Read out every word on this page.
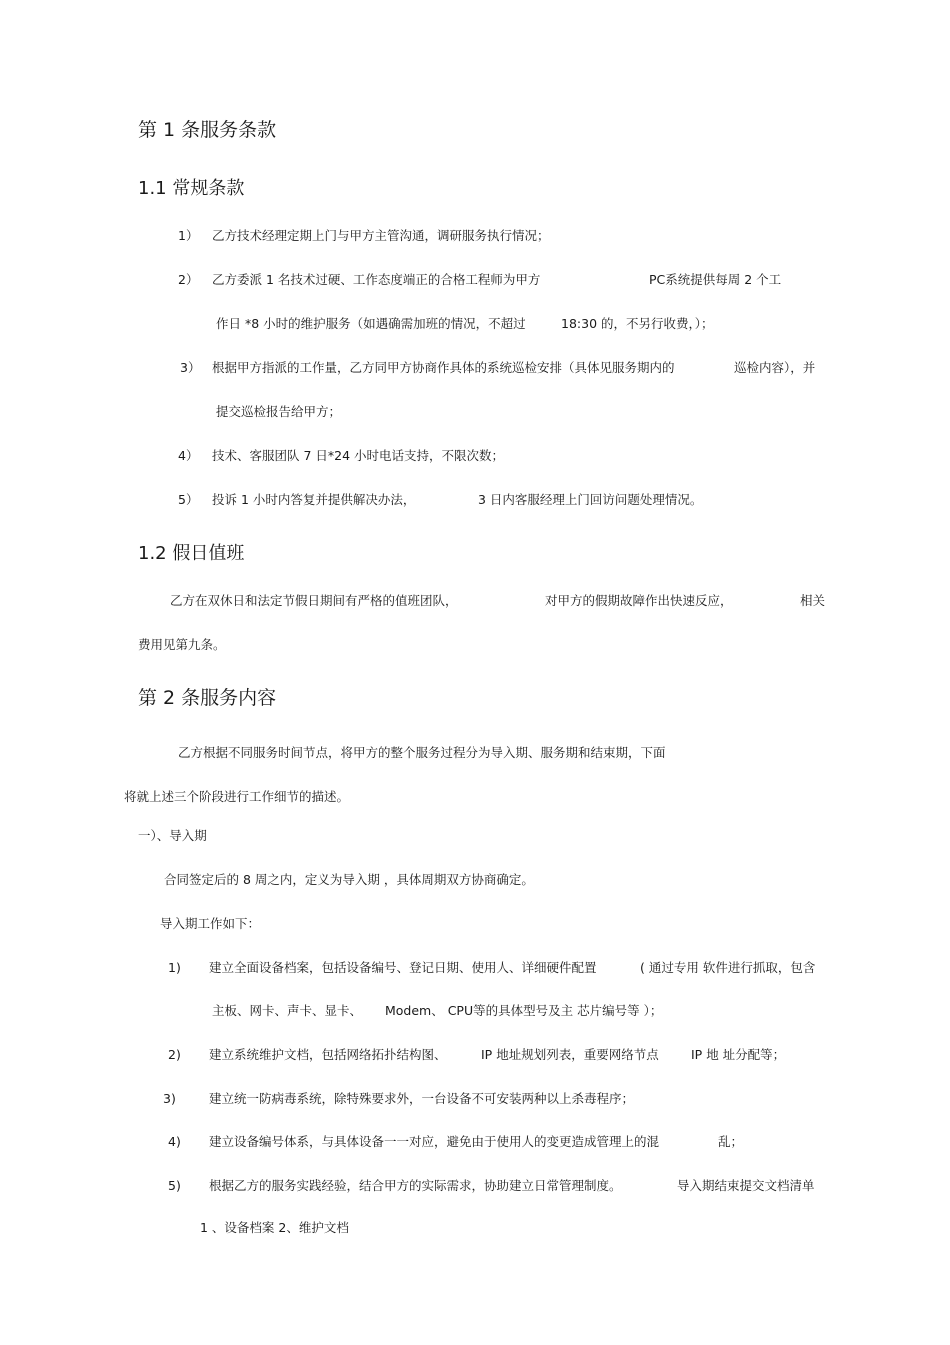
第 1 条服务条款
1.1 常规条款
1） 乙方技术经理定期上门与甲方主管沟通，调研服务执行情况；
2） 乙方委派 1 名技术过硬、工作态度端正的合格工程师为甲方	PC系统提供每周 2 个工
作日 *8 小时的维护服务（如遇确需加班的情况，不超过	18:30 的，不另行收费，）；
3） 根据甲方指派的工作量，乙方同甲方协商作具体的系统巡检安排（具体见服务期内的	巡检内容），并
提交巡检报告给甲方；
4） 技术、客服团队 7 日*24 小时电话支持，不限次数；
5） 投诉 1 小时内答复并提供解决办法，	3 日内客服经理上门回访问题处理情况。
1.2 假日值班
乙方在双休日和法定节假日期间有严格的值班团队，	对甲方的假期故障作出快速反应，	相关
费用见第九条。
第 2 条服务内容
乙方根据不同服务时间节点，将甲方的整个服务过程分为导入期、服务期和结束期，下面
将就上述三个阶段进行工作细节的描述。
一）、导入期
合同签定后的 8 周之内，定义为导入期 ，具体周期双方协商确定。
导入期工作如下：
1) 建立全面设备档案，包括设备编号、登记日期、使用人、详细硬件配置	( 通过专用 软件进行抓取，包含
主板、网卡、声卡、显卡、 Modem、 CPU等的具体型号及主 芯片编号等 ）；
2) 建立系统维护文档，包括网络拓扑结构图、	IP 地址规划列表，重要网络节点	IP 地 址分配等；
3)	建立统一防病毒系统，除特殊要求外，一台设备不可安装两种以上杀毒程序；
4) 建立设备编号体系，与具体设备一一对应，避免由于使用人的变更造成管理上的混	乱；
5) 根据乙方的服务实践经验，结合甲方的实际需求，协助建立日常管理制度。	导入期结束提交文档清单
1 、设备档案 2、维护文档
